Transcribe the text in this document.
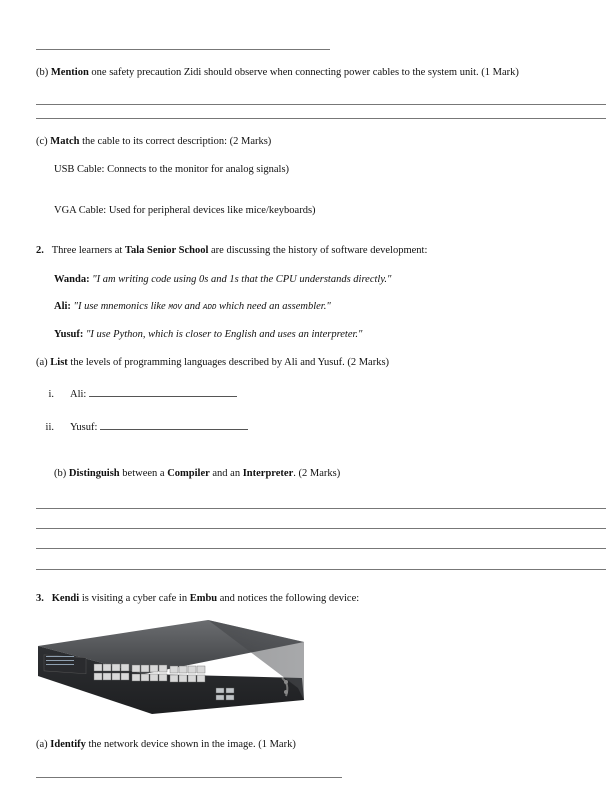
(b) Mention one safety precaution Zidi should observe when connecting power cables to the system unit. (1 Mark)
(c) Match the cable to its correct description: (2 Marks)
USB Cable: Connects to the monitor for analog signals)
VGA Cable: Used for peripheral devices like mice/keyboards)
2. Three learners at Tala Senior School are discussing the history of software development:
Wanda: "I am writing code using 0s and 1s that the CPU understands directly."
Ali: "I use mnemonics like MOV and ADD which need an assembler."
Yusuf: "I use Python, which is closer to English and uses an interpreter."
(a) List the levels of programming languages described by Ali and Yusuf. (2 Marks)
i. Ali:
ii. Yusuf:
(b) Distinguish between a Compiler and an Interpreter. (2 Marks)
3. Kendi is visiting a cyber cafe in Embu and notices the following device:
(a) Identify the network device shown in the image. (1 Mark)
